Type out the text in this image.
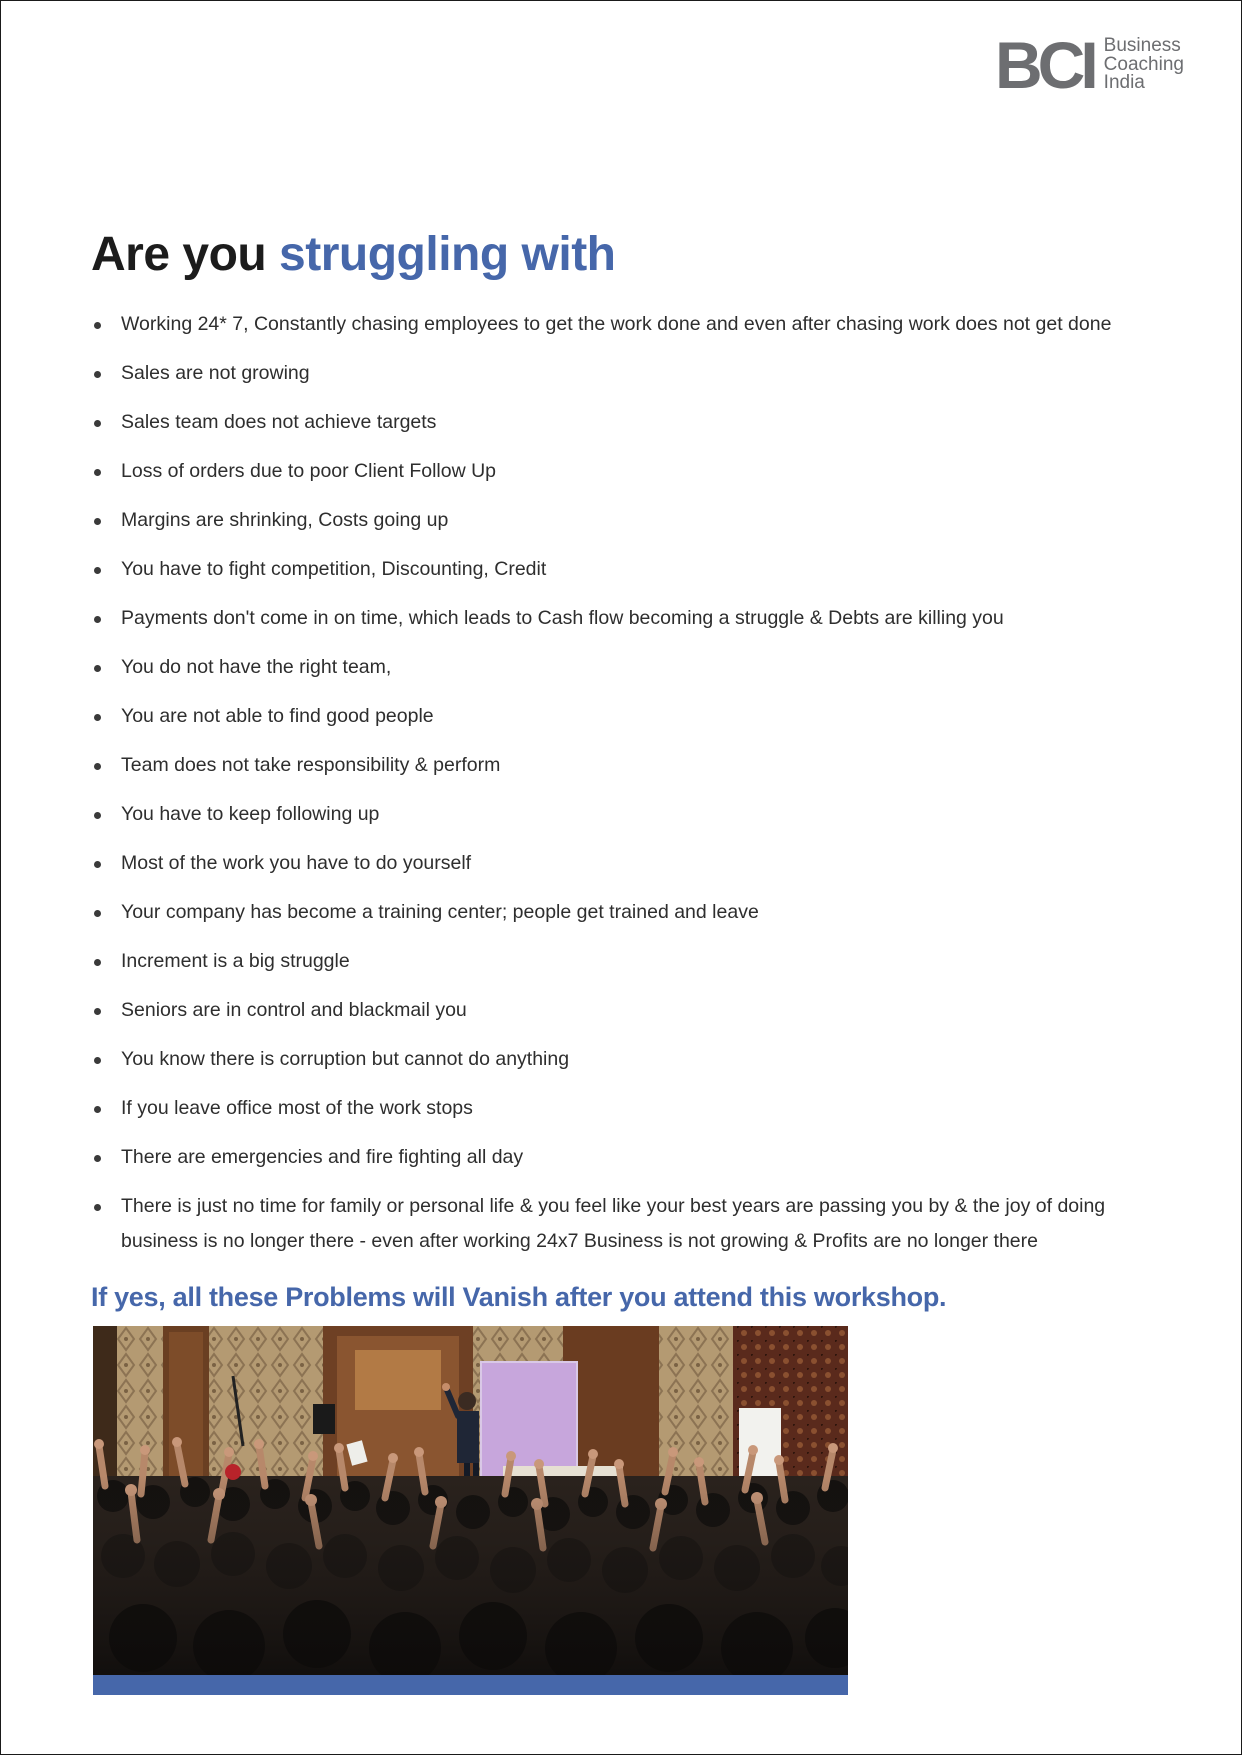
BCI Business
Coaching
India
Are you struggling with
Working 24* 7, Constantly chasing employees to get the work done and even after chasing work does not get done
Sales are not growing
Sales team does not achieve targets
Loss of orders due to poor Client Follow Up
Margins are shrinking, Costs going up
You have to fight competition, Discounting, Credit
Payments don't come in on time, which leads to Cash flow becoming a struggle & Debts are killing you
You do not have the right team,
You are not able to find good people
Team does not take responsibility & perform
You have to keep following up
Most of the work you have to do yourself
Your company has become a training center; people get trained and leave
Increment is a big struggle
Seniors are in control and blackmail you
You know there is corruption but cannot do anything
If you leave office most of the work stops
There are emergencies and fire fighting all day
There is just no time for family or personal life & you feel like your best years are passing you by & the joy of doing business is no longer there - even after working 24x7 Business is not growing & Profits are no longer there
If yes, all these Problems will Vanish after you attend this workshop.
